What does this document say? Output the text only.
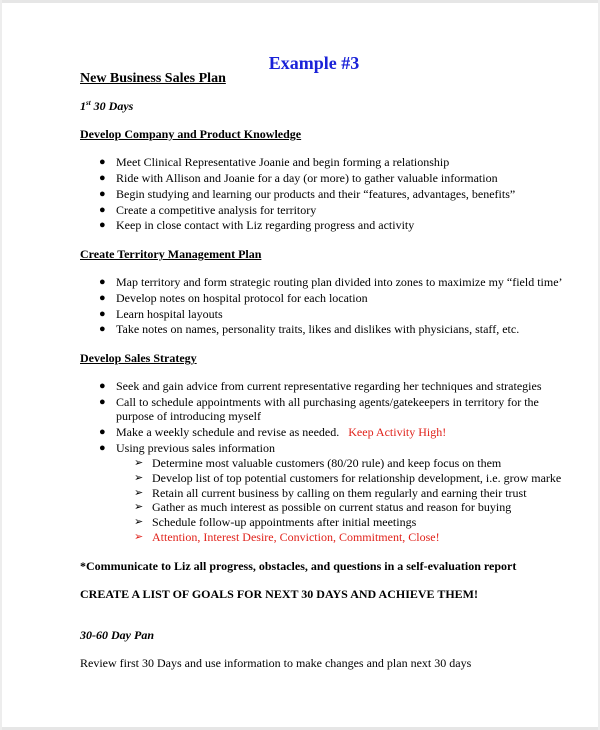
Example #3
New Business Sales Plan
1st 30 Days
Develop Company and Product Knowledge
● Meet Clinical Representative Joanie and begin forming a relationship
● Ride with Allison and Joanie for a day (or more) to gather valuable information
● Begin studying and learning our products and their “features, advantages, benefits”
● Create a competitive analysis for territory
● Keep in close contact with Liz regarding progress and activity
Create Territory Management Plan
● Map territory and form strategic routing plan divided into zones to maximize my “field time’
● Develop notes on hospital protocol for each location
● Learn hospital layouts
● Take notes on names, personality traits, likes and dislikes with physicians, staff, etc.
Develop Sales Strategy
● Seek and gain advice from current representative regarding her techniques and strategies
● Call to schedule appointments with all purchasing agents/gatekeepers in territory for the
purpose of introducing myself
● Make a weekly schedule and revise as needed. Keep Activity High!
● Using previous sales information
➢ Determine most valuable customers (80/20 rule) and keep focus on them
➢ Develop list of top potential customers for relationship development, i.e. grow marke
➢ Retain all current business by calling on them regularly and earning their trust
➢ Gather as much interest as possible on current status and reason for buying
➢ Schedule follow-up appointments after initial meetings
➢ Attention, Interest Desire, Conviction, Commitment, Close!
*Communicate to Liz all progress, obstacles, and questions in a self-evaluation report
CREATE A LIST OF GOALS FOR NEXT 30 DAYS AND ACHIEVE THEM!
30-60 Day Pan
Review first 30 Days and use information to make changes and plan next 30 days
